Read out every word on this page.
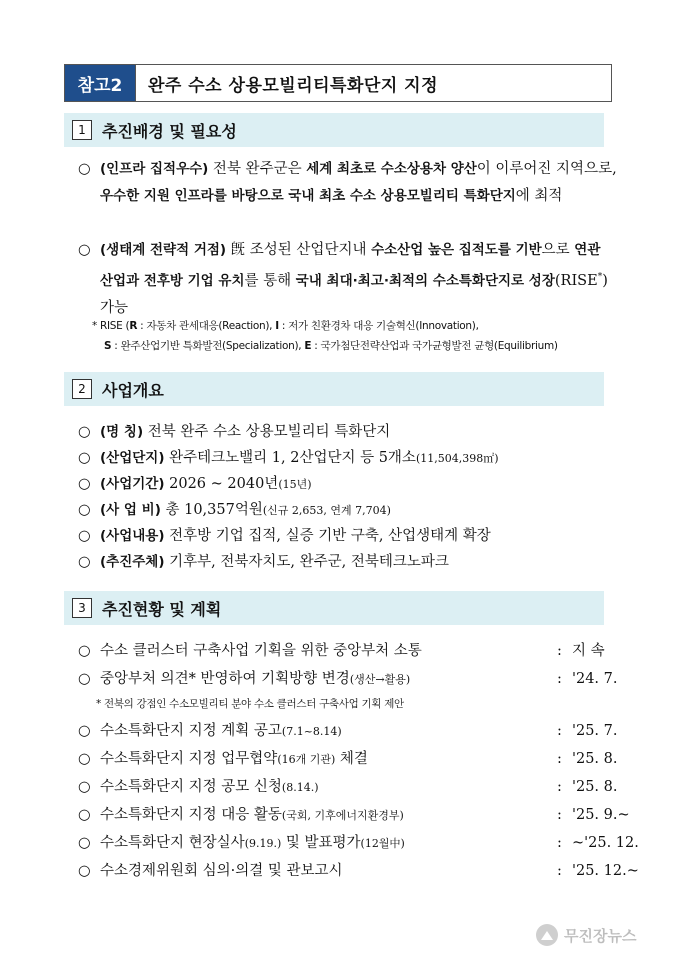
참고2	완주 수소 상용모빌리티특화단지 지정
1	추진배경 및 필요성
○ (인프라 집적우수) 전북 완주군은 세계 최초로 수소상용차 양산이 이루어진 지역으로, 우수한 지원 인프라를 바탕으로 국내 최초 수소 상용모빌리티 특화단지에 최적
○ (생태계 전략적 거점) 旣 조성된 산업단지내 수소산업 높은 집적도를 기반으로 연관 산업과 전후방 기업 유치를 통해 국내 최대·최고·최적의 수소특화단지로 성장(RISE*) 가능
* RISE (R : 자동차 관세대응(Reaction), I : 저가 친환경차 대응 기술혁신(Innovation),
S : 완주산업기반 특화발전(Specialization), E : 국가첨단전략산업과 국가균형발전 균형(Equilibrium)
2	사업개요
○ (명 칭) 전북 완주 수소 상용모빌리티 특화단지
○ (산업단지) 완주테크노밸리 1, 2산업단지 등 5개소(11,504,398㎡)
○ (사업기간) 2026 ~ 2040년(15년)
○ (사 업 비) 총 10,357억원(신규 2,653, 연계 7,704)
○ (사업내용) 전후방 기업 집적, 실증 기반 구축, 산업생태계 확장
○ (추진주체) 기후부, 전북자치도, 완주군, 전북테크노파크
3	추진현황 및 계획
○ 수소 클러스터 구축사업 기획을 위한 중앙부처 소통	: 지 속
○ 중앙부처 의견* 반영하여 기획방향 변경(생산→활용)	: '24. 7.
* 전북의 강점인 수소모빌리티 분야 수소 클러스터 구축사업 기획 제안
○ 수소특화단지 지정 계획 공고(7.1~8.14)	: '25. 7.
○ 수소특화단지 지정 업무협약(16개 기관) 체결	: '25. 8.
○ 수소특화단지 지정 공모 신청(8.14.)	: '25. 8.
○ 수소특화단지 지정 대응 활동(국회, 기후에너지환경부)	: '25. 9.~
○ 수소특화단지 현장실사(9.19.) 및 발표평가(12월中)	: ~'25. 12.
○ 수소경제위원회 심의·의결 및 관보고시	: '25. 12.~
무진장뉴스
